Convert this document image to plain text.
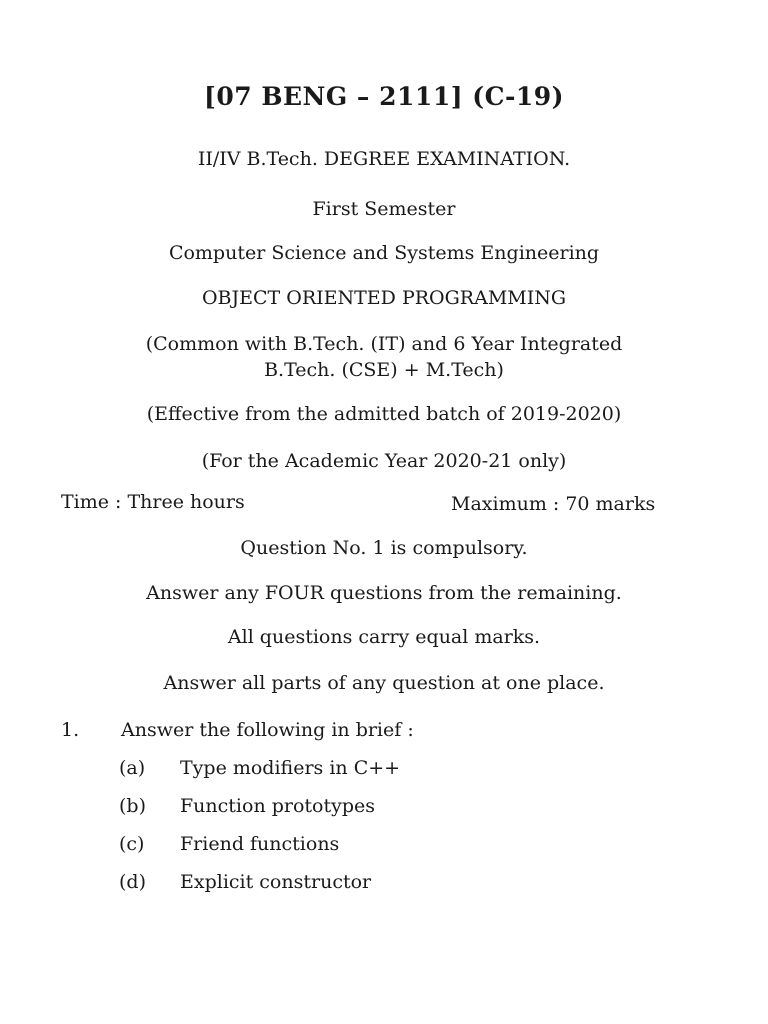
[07 BENG – 2111] (C-19)
II/IV B.Tech. DEGREE EXAMINATION.
First Semester
Computer Science and Systems Engineering
OBJECT ORIENTED PROGRAMMING
(Common with B.Tech. (IT) and 6 Year Integrated
B.Tech. (CSE) + M.Tech)
(Effective from the admitted batch of 2019-2020)
(For the Academic Year 2020-21 only)
Time : Three hours	Maximum : 70 marks
Question No. 1 is compulsory.
Answer any FOUR questions from the remaining.
All questions carry equal marks.
Answer all parts of any question at one place.
1. Answer the following in brief :
(a) Type modifiers in C++
(b) Function prototypes
(c) Friend functions
(d) Explicit constructor
